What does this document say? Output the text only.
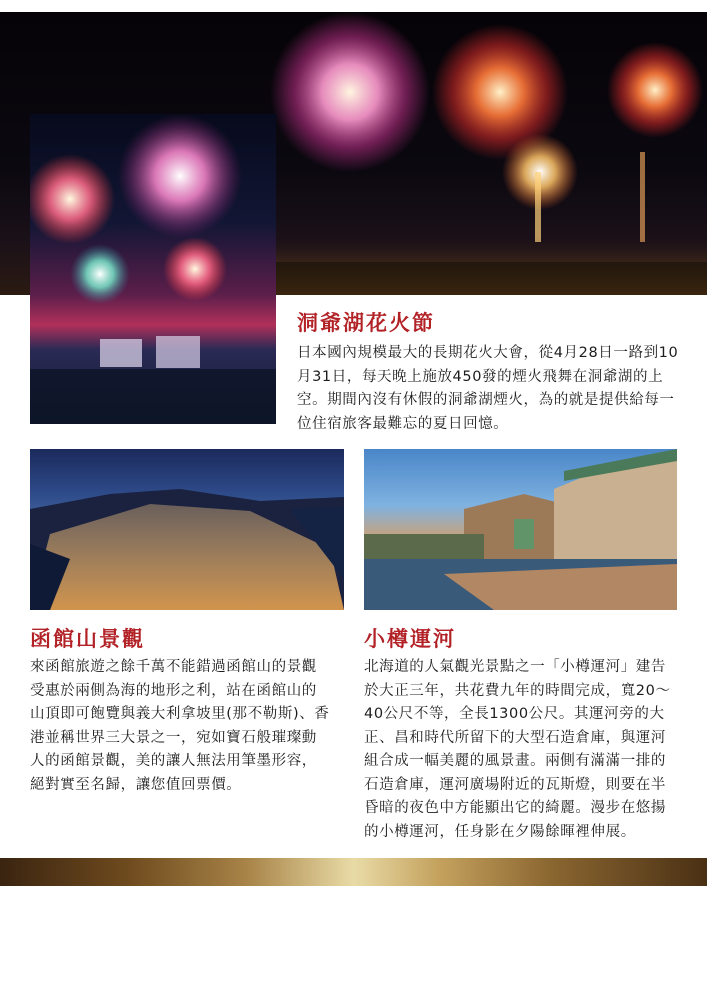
洞爺湖花火節

日本國內規模最大的長期花火大會，從4月28日一路到10月31日，每天晚上施放450發的煙火飛舞在洞爺湖的上空。期間內沒有休假的洞爺湖煙火，為的就是提供給每一位住宿旅客最難忘的夏日回憶。

函館山景觀

來函館旅遊之餘千萬不能錯過函館山的景觀受惠於兩側為海的地形之利，站在函館山的山頂即可飽覽與義大利拿坡里(那不勒斯)、香港並稱世界三大景之一，宛如寶石般璀璨動人的函館景觀，美的讓人無法用筆墨形容，絕對實至名歸，讓您值回票價。

小樽運河

北海道的人氣觀光景點之一「小樽運河」建告於大正三年，共花費九年的時間完成，寬20～40公尺不等，全長1300公尺。其運河旁的大正、昌和時代所留下的大型石造倉庫，與運河組合成一幅美麗的風景畫。兩側有滿滿一排的石造倉庫，運河廣場附近的瓦斯燈，則要在半昏暗的夜色中方能顯出它的綺麗。漫步在悠揚的小樽運河，任身影在夕陽餘暉裡伸展。
